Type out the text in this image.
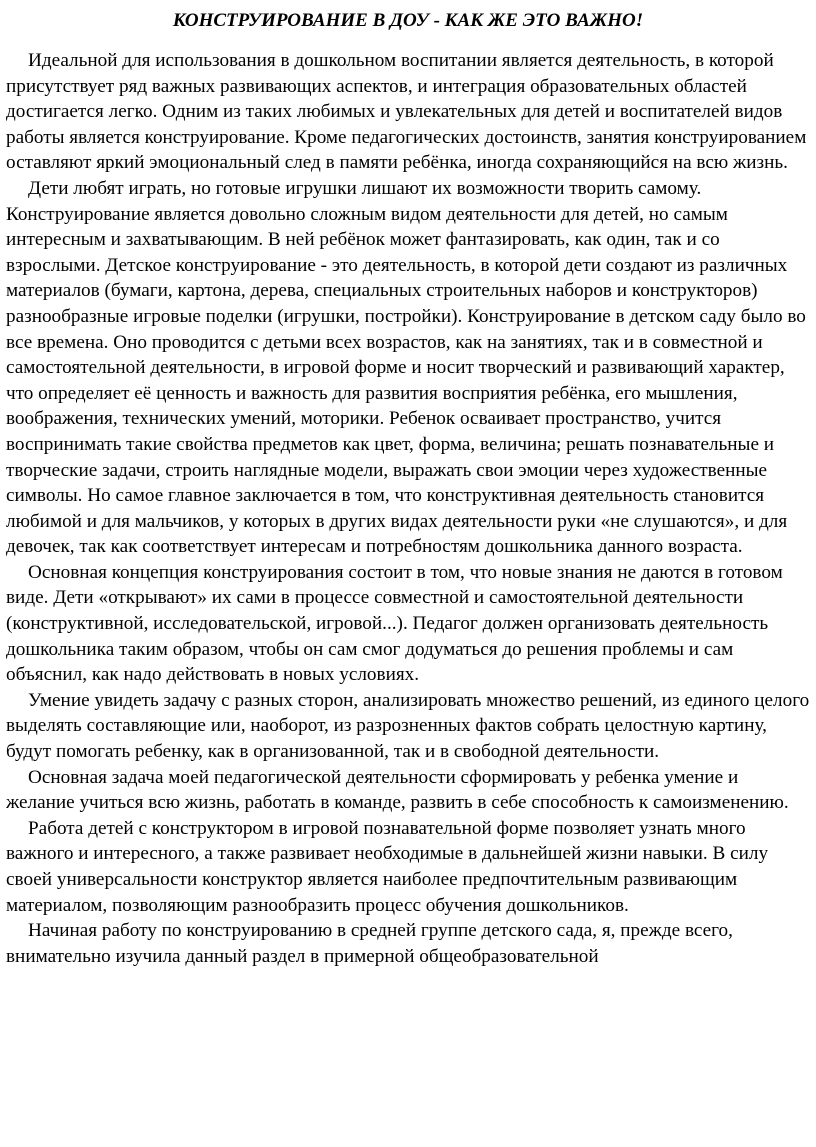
КОНСТРУИРОВАНИЕ В ДОУ - КАК ЖЕ ЭТО ВАЖНО!

Идеальной для использования в дошкольном воспитании является деятельность, в которой присутствует ряд важных развивающих аспектов, и интеграция образовательных областей достигается легко. Одним из таких любимых и увлекательных для детей и воспитателей видов работы является конструирование. Кроме педагогических достоинств, занятия конструированием оставляют яркий эмоциональный след в памяти ребёнка, иногда сохраняющийся на всю жизнь.

Дети любят играть, но готовые игрушки лишают их возможности творить самому. Конструирование является довольно сложным видом деятельности для детей, но самым интересным и захватывающим. В ней ребёнок может фантазировать, как один, так и со взрослыми. Детское конструирование - это деятельность, в которой дети создают из различных материалов (бумаги, картона, дерева, специальных строительных наборов и конструкторов) разнообразные игровые поделки (игрушки, постройки). Конструирование в детском саду было во все времена. Оно проводится с детьми всех возрастов, как на занятиях, так и в совместной и самостоятельной деятельности, в игровой форме и носит творческий и развивающий характер, что определяет её ценность и важность для развития восприятия ребёнка, его мышления, воображения, технических умений, моторики. Ребенок осваивает пространство, учится воспринимать такие свойства предметов как цвет, форма, величина; решать познавательные и творческие задачи, строить наглядные модели, выражать свои эмоции через художественные символы. Но самое главное заключается в том, что конструктивная деятельность становится любимой и для мальчиков, у которых в других видах деятельности руки «не слушаются», и для девочек, так как соответствует интересам и потребностям дошкольника данного возраста.

Основная концепция конструирования состоит в том, что новые знания не даются в готовом виде. Дети «открывают» их сами в процессе совместной и самостоятельной деятельности (конструктивной, исследовательской, игровой...). Педагог должен организовать деятельность дошкольника таким образом, чтобы он сам смог додуматься до решения проблемы и сам объяснил, как надо действовать в новых условиях.

Умение увидеть задачу с разных сторон, анализировать множество решений, из единого целого выделять составляющие или, наоборот, из разрозненных фактов собрать целостную картину, будут помогать ребенку, как в организованной, так и в свободной деятельности.

Основная задача моей педагогической деятельности сформировать у ребенка умение и желание учиться всю жизнь, работать в команде, развить в себе способность к самоизменению.

Работа детей с конструктором в игровой познавательной форме позволяет узнать много важного и интересного, а также развивает необходимые в дальнейшей жизни навыки. В силу своей универсальности конструктор является наиболее предпочтительным развивающим материалом, позволяющим разнообразить процесс обучения дошкольников.

Начиная работу по конструированию в средней группе детского сада, я, прежде всего, внимательно изучила данный раздел в примерной общеобразовательной
